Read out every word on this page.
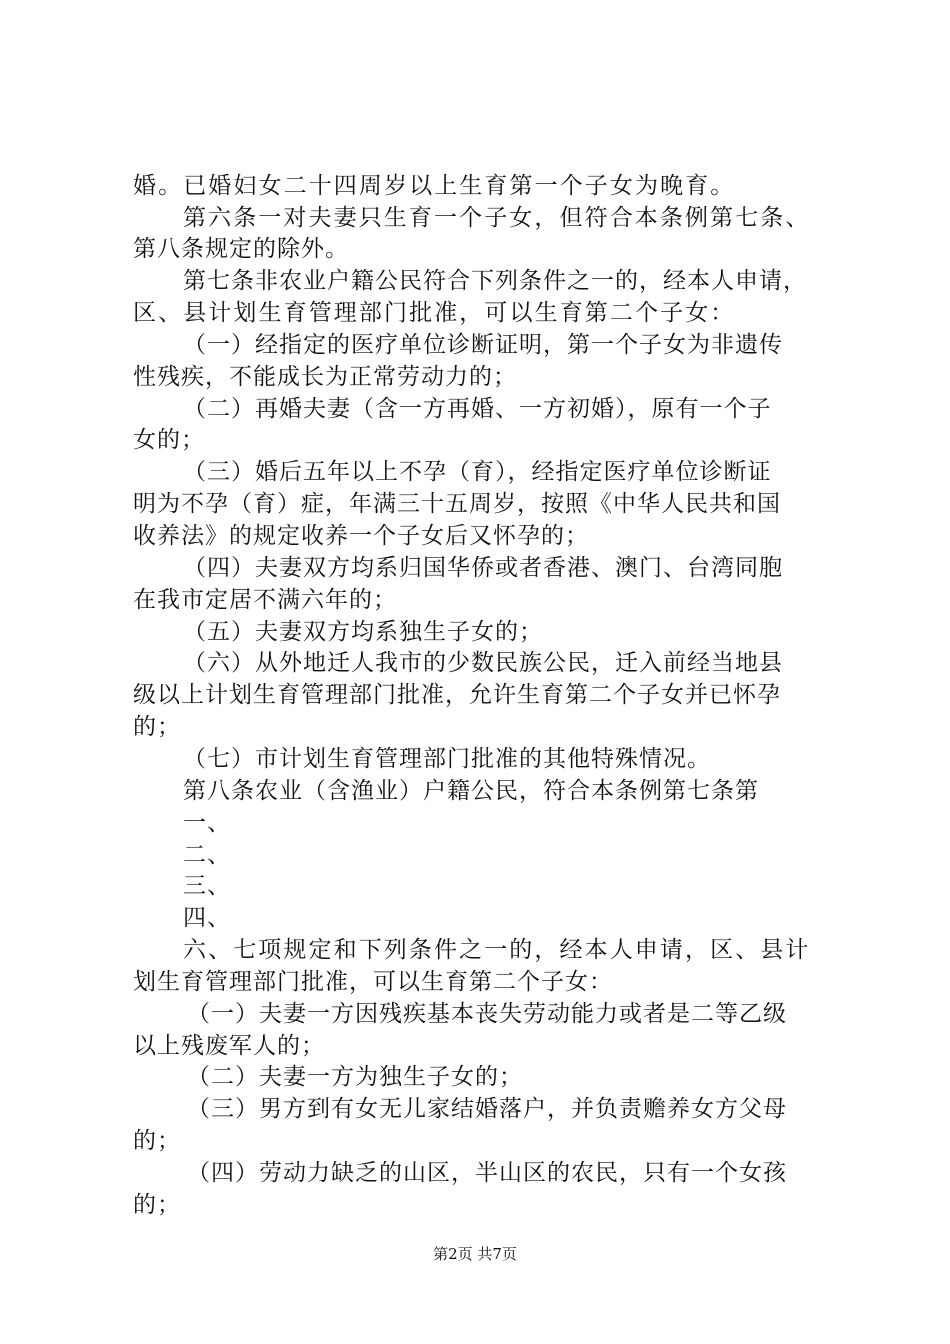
婚。已婚妇女二十四周岁以上生育第一个子女为晚育。
第六条一对夫妻只生育一个子女，但符合本条例第七条、
第八条规定的除外。
第七条非农业户籍公民符合下列条件之一的，经本人申请，
区、县计划生育管理部门批准，可以生育第二个子女：
（一）经指定的医疗单位诊断证明，第一个子女为非遗传
性残疾，不能成长为正常劳动力的；
（二）再婚夫妻（含一方再婚、一方初婚），原有一个子
女的；
（三）婚后五年以上不孕（育），经指定医疗单位诊断证
明为不孕（育）症，年满三十五周岁，按照《中华人民共和国
收养法》的规定收养一个子女后又怀孕的；
（四）夫妻双方均系归国华侨或者香港、澳门、台湾同胞
在我市定居不满六年的；
（五）夫妻双方均系独生子女的；
（六）从外地迁人我市的少数民族公民，迁入前经当地县
级以上计划生育管理部门批准，允许生育第二个子女并已怀孕
的；
（七）市计划生育管理部门批准的其他特殊情况。
第八条农业（含渔业）户籍公民，符合本条例第七条第
一、
二、
三、
四、
六、七项规定和下列条件之一的，经本人申请，区、县计
划生育管理部门批准，可以生育第二个子女：
（一）夫妻一方因残疾基本丧失劳动能力或者是二等乙级
以上残废军人的；
（二）夫妻一方为独生子女的；
（三）男方到有女无儿家结婚落户，并负责赡养女方父母
的；
（四）劳动力缺乏的山区，半山区的农民，只有一个女孩
的；
第2页 共7页
